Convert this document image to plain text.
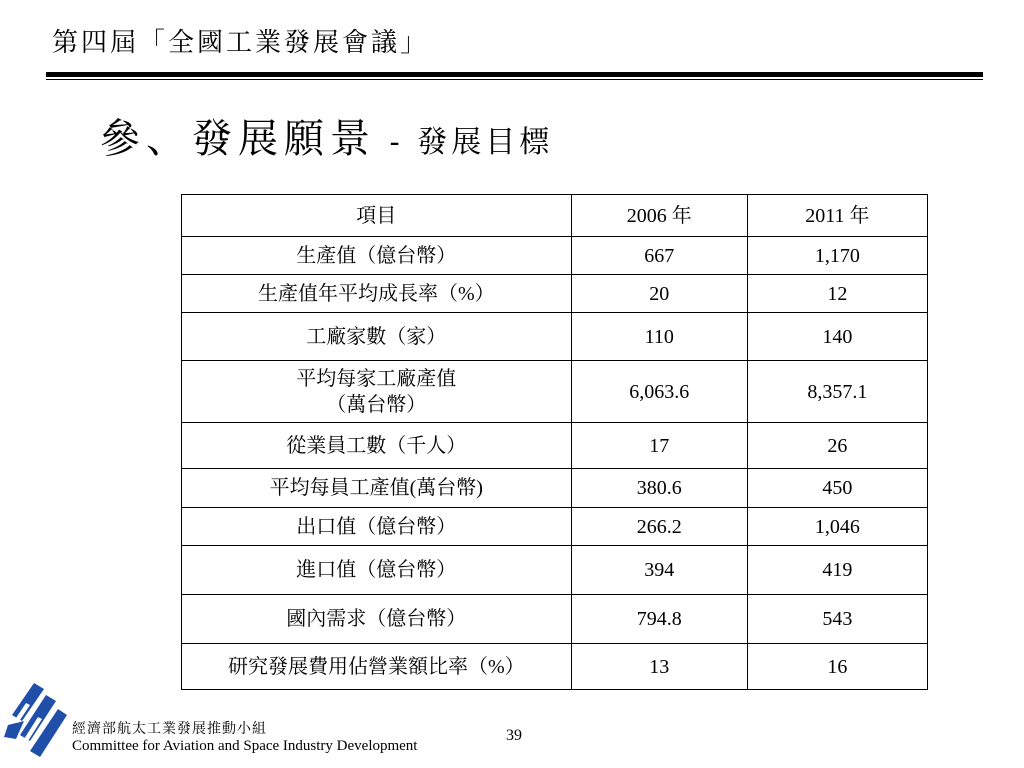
第四屆「全國工業發展會議」
參、發展願景 - 發展目標
項目	2006 年	2011 年
生產值（億台幣）	667	1,170
生產值年平均成長率（%）	20	12
工廠家數（家）	110	140

平均每家工廠產值
（萬台幣）	6,063.6	8,357.1
從業員工數（千人）	17	26
平均每員工產值(萬台幣)	380.6	450
出口值（億台幣）	266.2	1,046
進口值（億台幣）	394	419
國內需求（億台幣）	794.8	543
研究發展費用佔營業額比率（%）	13	16
經濟部航太工業發展推動小組
Committee for Aviation and Space Industry Development
39
